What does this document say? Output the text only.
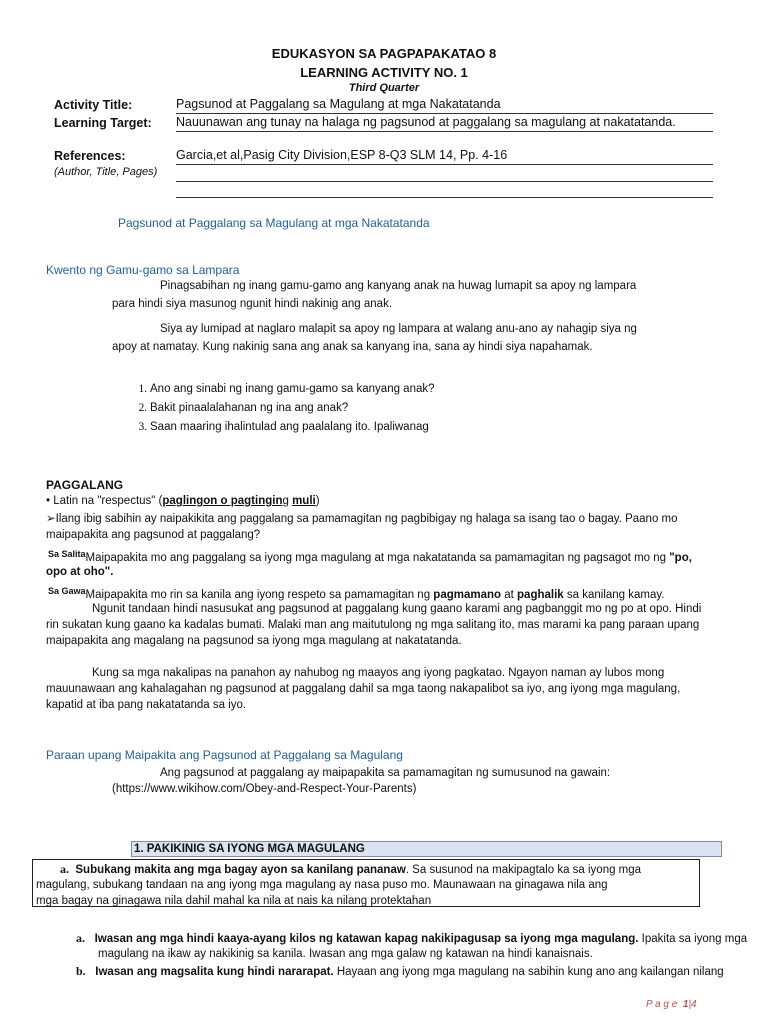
EDUKASYON SA PAGPAPAKATAO 8
LEARNING ACTIVITY NO. 1
Third Quarter
Activity Title:	Pagsunod at Paggalang sa Magulang at mga Nakatatanda
Learning Target: Nauunawan ang tunay na halaga ng pagsunod at paggalang sa magulang at nakatatanda.
References:	Garcia,et al,Pasig City Division,ESP 8-Q3 SLM 14, Pp. 4-16
(Author, Title, Pages)
Pagsunod at Paggalang sa Magulang at mga Nakatatanda
Kwento ng Gamu-gamo sa Lampara
Pinagsabihan ng inang gamu-gamo ang kanyang anak na huwag lumapit sa apoy ng lampara
para hindi siya masunog ngunit hindi nakinig ang anak.
Siya ay lumipad at naglaro malapit sa apoy ng lampara at walang anu-ano ay nahagip siya ng
apoy at namatay. Kung nakinig sana ang anak sa kanyang ina, sana ay hindi siya napahamak.
1. Ano ang sinabi ng inang gamu-gamo sa kanyang anak?
2. Bakit pinaalalahanan ng ina ang anak?
3. Saan maaring ihalintulad ang paalalang ito. Ipaliwanag
PAGGALANG
• Latin na "respectus" (paglingon o pagtinging muli)
➢Ilang ibig sabihin ay naipakikita ang paggalang sa pamamagitan ng pagbibigay ng halaga sa isang tao o bagay. Paano mo
maipapakita ang pagsunod at paggalang?
$^{Sa Salita}$Maipapakita mo ang paggalang sa iyong mga magulang at mga nakatatanda sa pamamagitan ng pagsagot mo ng "po,
opo at oho".
$^{Sa Gawa}$Maipapakita mo rin sa kanila ang iyong respeto sa pamamagitan ng pagmamano at paghalik sa kanilang kamay.
Ngunit tandaan hindi nasusukat ang pagsunod at paggalang kung gaano karami ang pagbanggit mo ng po at opo. Hindi
rin sukatan kung gaano ka kadalas bumati. Malaki man ang maitutulong ng mga salitang ito, mas marami ka pang paraan upang
maipapakita ang magalang na pagsunod sa iyong mga magulang at nakatatanda.
Kung sa mga nakalipas na panahon ay nahubog ng maayos ang iyong pagkatao. Ngayon naman ay lubos mong
mauunawaan ang kahalagahan ng pagsunod at paggalang dahil sa mga taong nakapalibot sa iyo, ang iyong mga magulang,
kapatid at iba pang nakatatanda sa iyo.
Paraan upang Maipakita ang Pagsunod at Paggalang sa Magulang
Ang pagsunod at paggalang ay maipapakita sa pamamagitan ng sumusunod na gawain:
(https://www.wikihow.com/Obey-and-Respect-Your-Parents)
1. PAKIKINIG SA IYONG MGA MAGULANG
a. Subukang makita ang mga bagay ayon sa kanilang pananaw. Sa susunod na makipagtalo ka sa iyong mga
magulang, subukang tandaan na ang iyong mga magulang ay nasa puso mo. Maunawaan na ginagawa nila ang
mga bagay na ginagawa nila dahil mahal ka nila at nais ka nilang protektahan
a. Iwasan ang mga hindi kaaya-ayang kilos ng katawan kapag nakikipagusap sa iyong mga magulang. Ipakita sa iyong mga
magulang na ikaw ay nakikinig sa kanila. Iwasan ang mga galaw ng katawan na hindi kanaisnais.
b. Iwasan ang magsalita kung hindi nararapat. Hayaan ang iyong mga magulang na sabihin kung ano ang kailangan nilang
P a g e 1|4
